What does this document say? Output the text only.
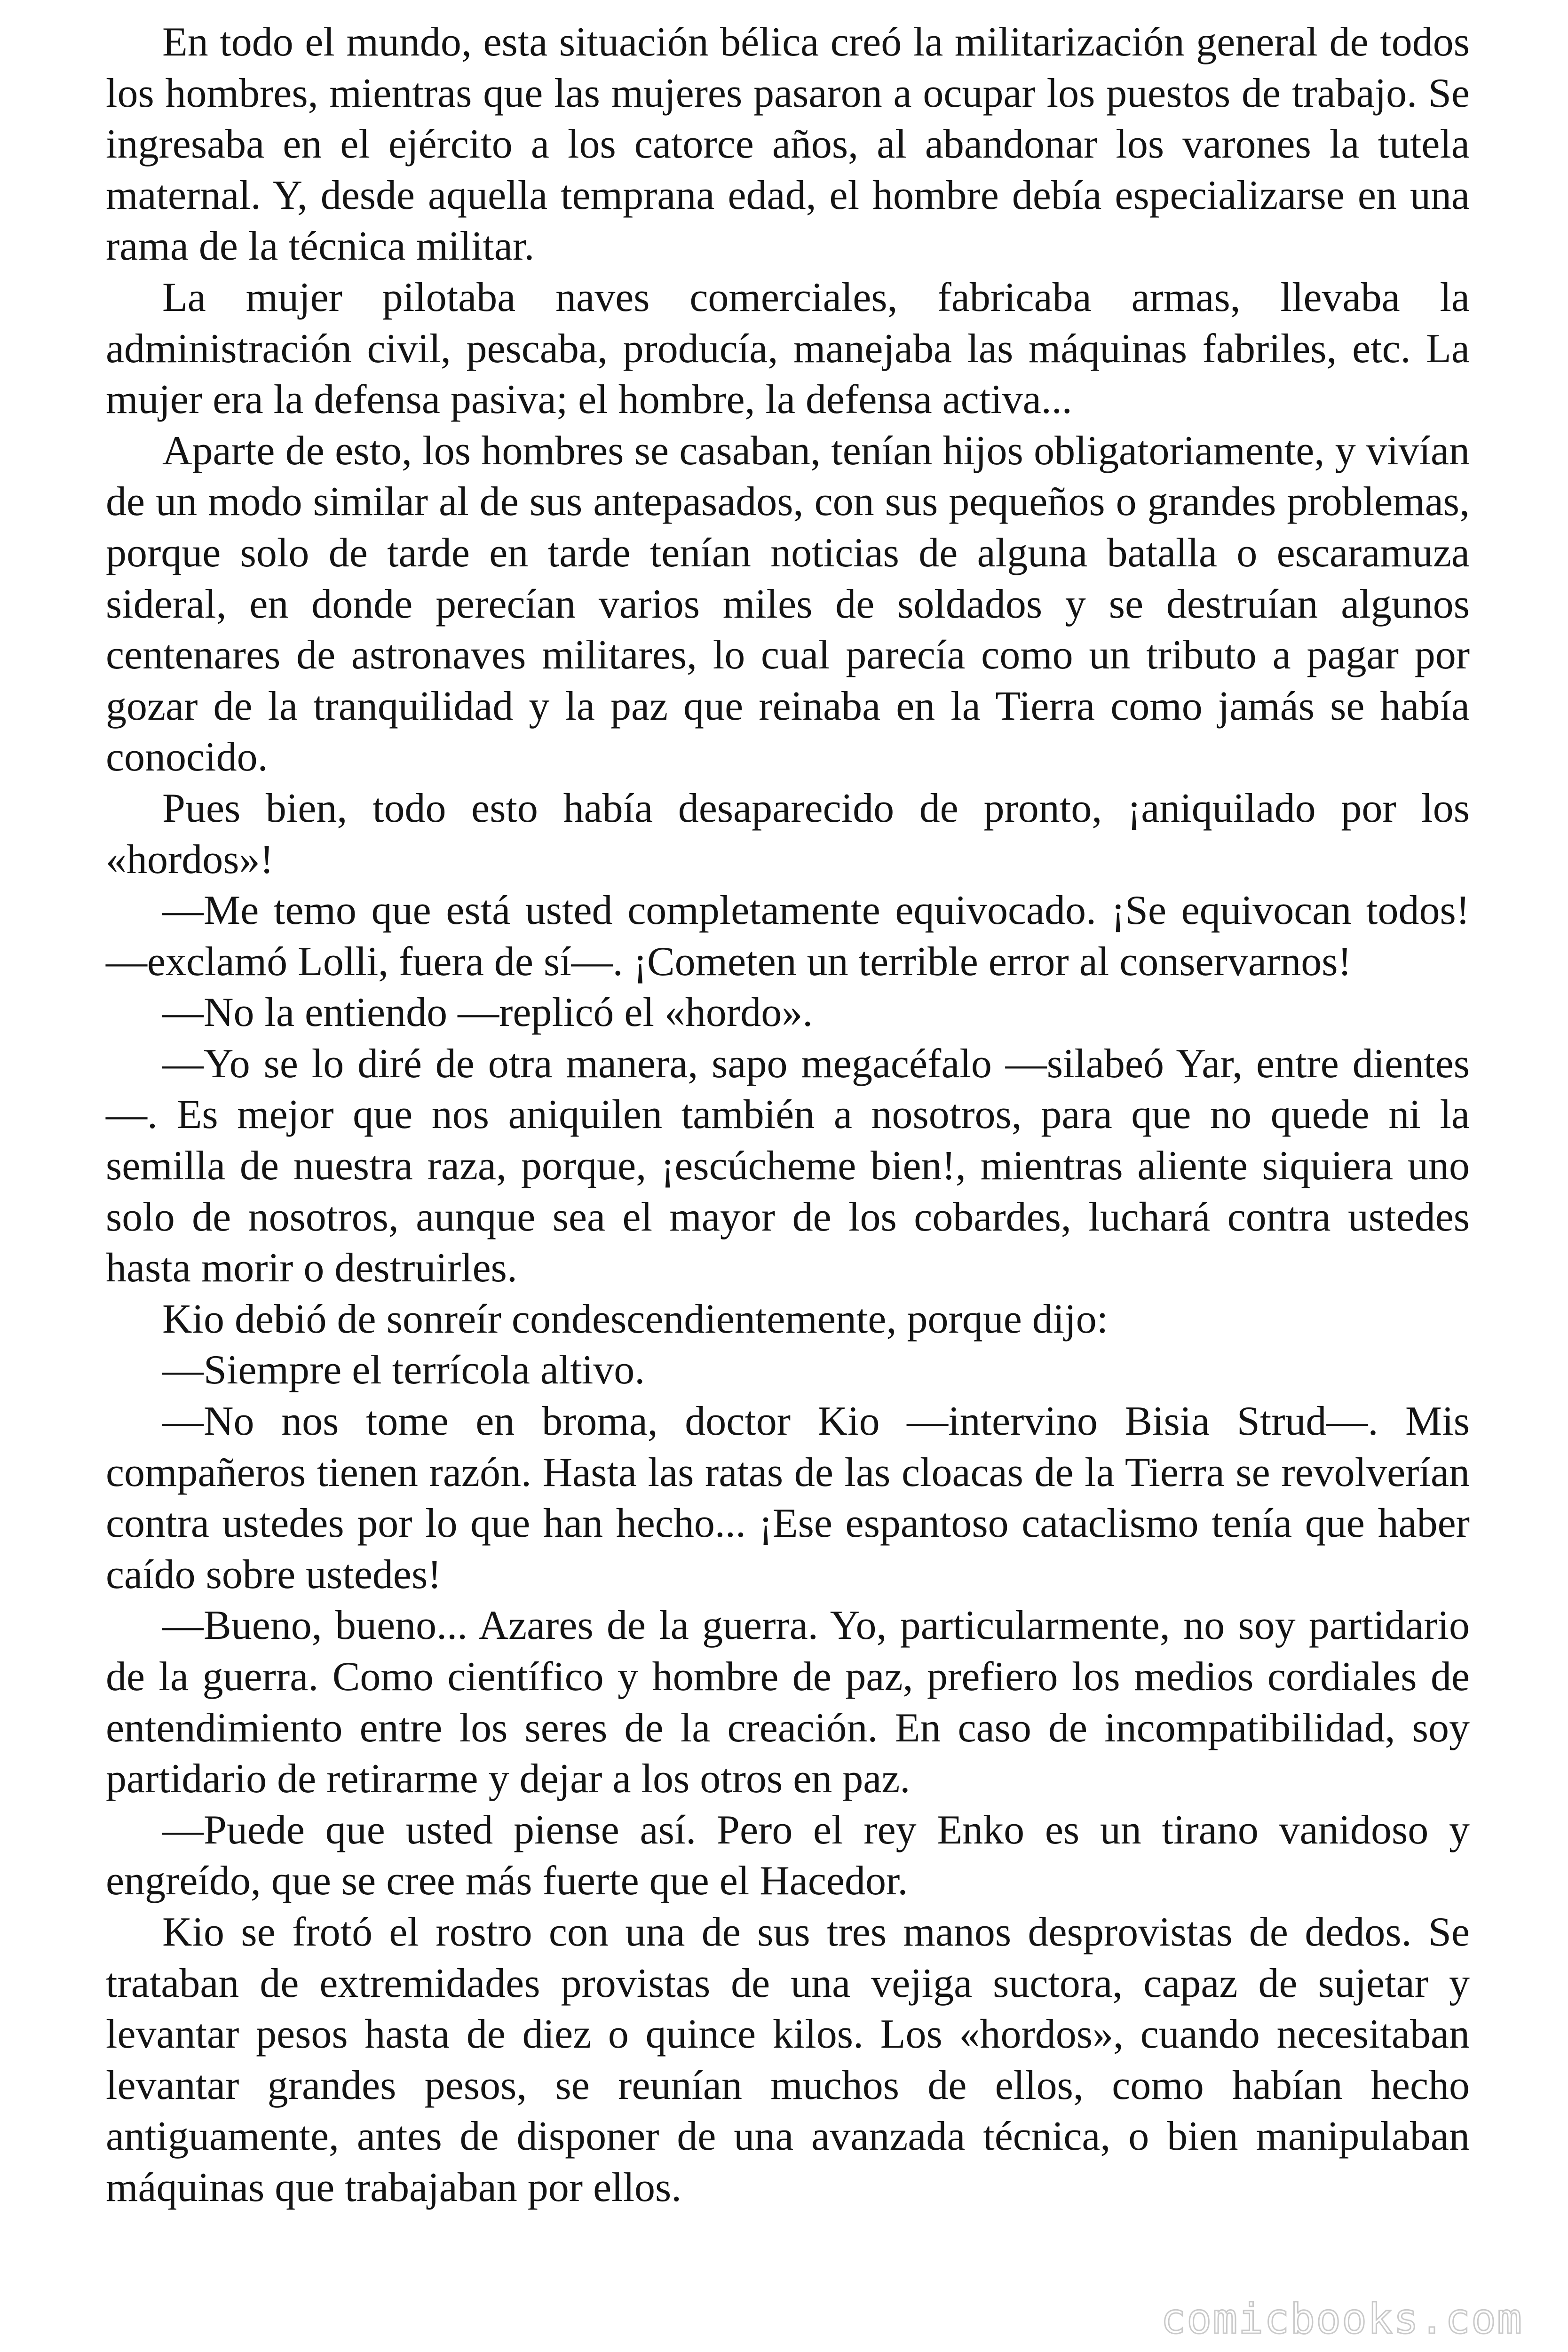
En todo el mundo, esta situación bélica creó la militarización general de todos los hombres, mientras que las mujeres pasaron a ocupar los puestos de trabajo. Se ingresaba en el ejército a los catorce años, al abandonar los varones la tutela maternal. Y, desde aquella temprana edad, el hombre debía especializarse en una rama de la técnica militar.

La mujer pilotaba naves comerciales, fabricaba armas, llevaba la administración civil, pescaba, producía, manejaba las máquinas fabriles, etc. La mujer era la defensa pasiva; el hombre, la defensa activa...

Aparte de esto, los hombres se casaban, tenían hijos obligatoriamente, y vivían de un modo similar al de sus antepasados, con sus pequeños o grandes problemas, porque solo de tarde en tarde tenían noticias de alguna batalla o escaramuza sideral, en donde perecían varios miles de soldados y se destruían algunos centenares de astronaves militares, lo cual parecía como un tributo a pagar por gozar de la tranquilidad y la paz que reinaba en la Tierra como jamás se había conocido.

Pues bien, todo esto había desaparecido de pronto, ¡aniquilado por los «hordos»!

—Me temo que está usted completamente equivocado. ¡Se equivocan todos! —exclamó Lolli, fuera de sí—. ¡Cometen un terrible error al conservarnos!

—No la entiendo —replicó el «hordo».

—Yo se lo diré de otra manera, sapo megacéfalo —silabeó Yar, entre dientes—. Es mejor que nos aniquilen también a nosotros, para que no quede ni la semilla de nuestra raza, porque, ¡escúcheme bien!, mientras aliente siquiera uno solo de nosotros, aunque sea el mayor de los cobardes, luchará contra ustedes hasta morir o destruirles.

Kio debió de sonreír condescendientemente, porque dijo:

—Siempre el terrícola altivo.

—No nos tome en broma, doctor Kio —intervino Bisia Strud—. Mis compañeros tienen razón. Hasta las ratas de las cloacas de la Tierra se revolverían contra ustedes por lo que han hecho... ¡Ese espantoso cataclismo tenía que haber caído sobre ustedes!

—Bueno, bueno... Azares de la guerra. Yo, particularmente, no soy partidario de la guerra. Como científico y hombre de paz, prefiero los medios cordiales de entendimiento entre los seres de la creación. En caso de incompatibilidad, soy partidario de retirarme y dejar a los otros en paz.

—Puede que usted piense así. Pero el rey Enko es un tirano vanidoso y engreído, que se cree más fuerte que el Hacedor.

Kio se frotó el rostro con una de sus tres manos desprovistas de dedos. Se trataban de extremidades provistas de una vejiga suctora, capaz de sujetar y levantar pesos hasta de diez o quince kilos. Los «hordos», cuando necesitaban levantar grandes pesos, se reunían muchos de ellos, como habían hecho antiguamente, antes de disponer de una avanzada técnica, o bien manipulaban máquinas que trabajaban por ellos.

comicbooks.com
